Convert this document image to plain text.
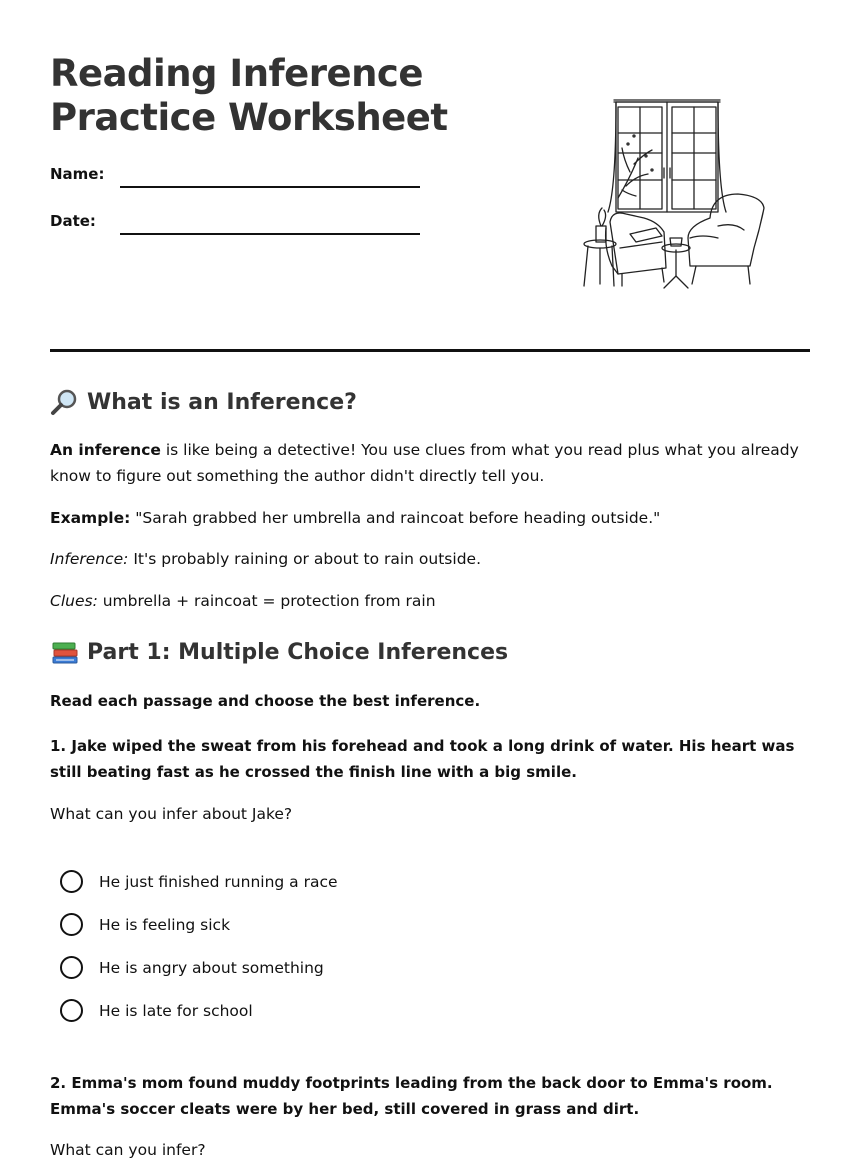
Reading Inference Practice Worksheet
Name:
Date:
What is an Inference?
An inference is like being a detective! You use clues from what you read plus what you already know to figure out something the author didn't directly tell you.
Example: "Sarah grabbed her umbrella and raincoat before heading outside."
Inference: It's probably raining or about to rain outside.
Clues: umbrella + raincoat = protection from rain
Part 1: Multiple Choice Inferences
Read each passage and choose the best inference.
1. Jake wiped the sweat from his forehead and took a long drink of water. His heart was still beating fast as he crossed the finish line with a big smile.
What can you infer about Jake?
He just finished running a race
He is feeling sick
He is angry about something
He is late for school
2. Emma's mom found muddy footprints leading from the back door to Emma's room. Emma's soccer cleats were by her bed, still covered in grass and dirt.
What can you infer?
